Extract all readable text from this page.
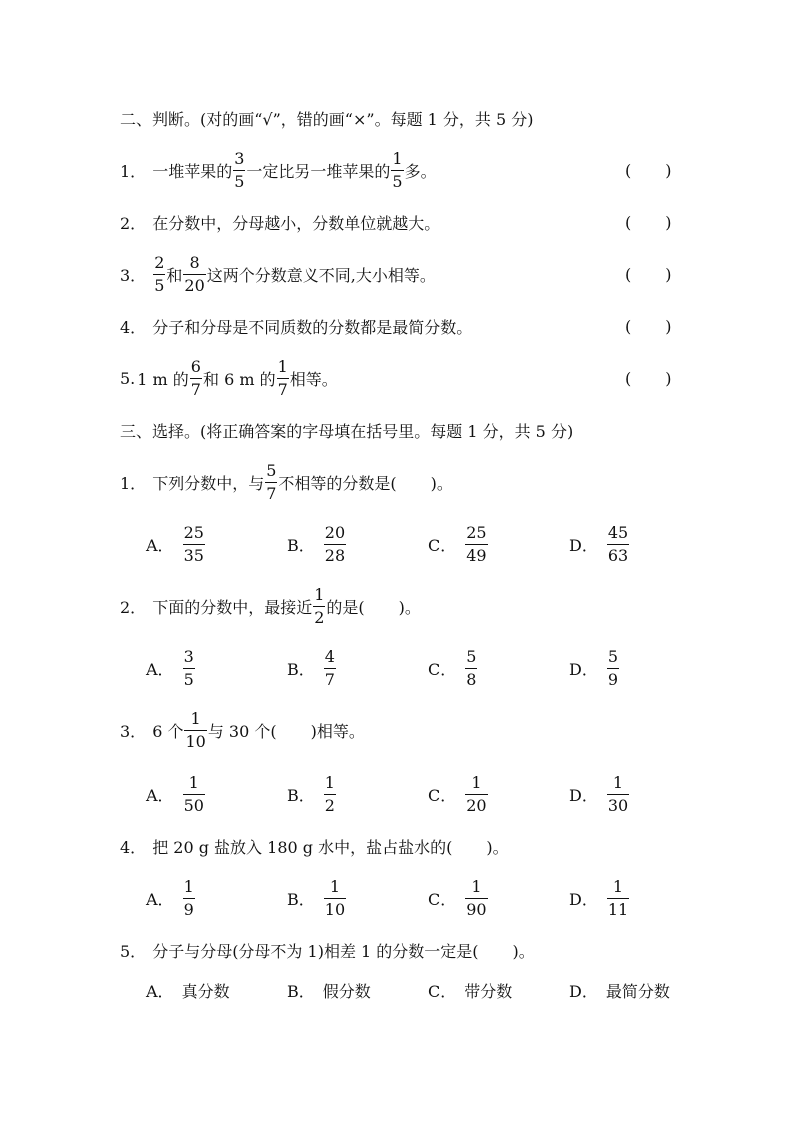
二、判断。(对的画“√”，错的画“×”。每题 1 分，共 5 分)
1． 一堆苹果的 $\frac{3}{5}$ 一定比另一堆苹果的 $\frac{1}{5}$ 多。	( )
2． 在分数中，分母越小，分数单位就越大。	( )
3． $\frac{2}{5}$ 和 $\frac{8}{20}$ 这两个分数意义不同,大小相等。	( )
4． 分子和分母是不同质数的分数都是最简分数。	( )
5. 1 m 的 $\frac{6}{7}$ 和 6 m 的 $\frac{1}{7}$ 相等。	( )
三、选择。(将正确答案的字母填在括号里。每题 1 分，共 5 分)
1． 下列分数中，与 $\frac{5}{7}$ 不相等的分数是( )。
A． $\frac{25}{35}$	B． $\frac{20}{28}$	C． $\frac{25}{49}$	D． $\frac{45}{63}$
2． 下面的分数中，最接近 $\frac{1}{2}$ 的是( )。
A． $\frac{3}{5}$	B． $\frac{4}{7}$	C． $\frac{5}{8}$	D． $\frac{5}{9}$
3． 6 个 $\frac{1}{10}$ 与 30 个( )相等。
A． $\frac{1}{50}$	B． $\frac{1}{2}$	C． $\frac{1}{20}$	D． $\frac{1}{30}$
4． 把 20 g 盐放入 180 g 水中，盐占盐水的( )。
A． $\frac{1}{9}$	B． $\frac{1}{10}$	C． $\frac{1}{90}$	D． $\frac{1}{11}$
5． 分子与分母(分母不为 1)相差 1 的分数一定是( )。
A． 真分数	B． 假分数	C． 带分数	D． 最简分数
